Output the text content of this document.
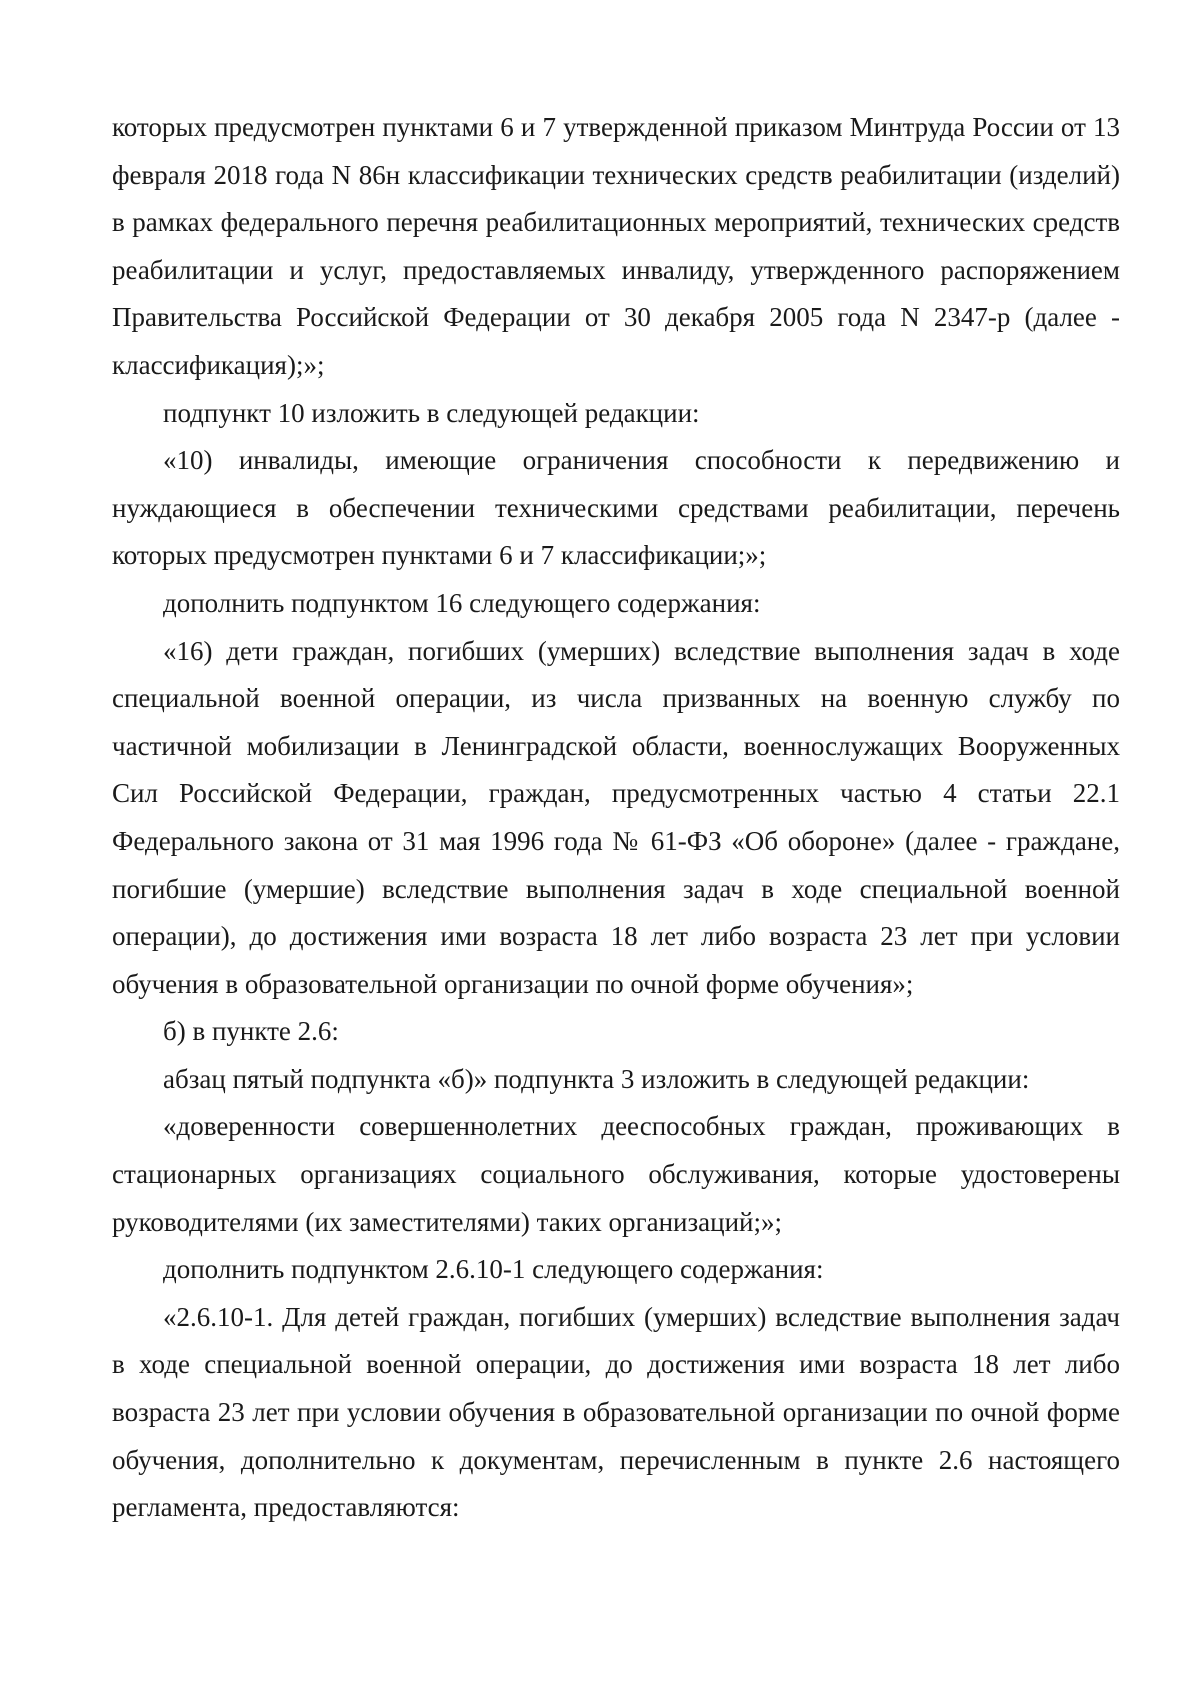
которых предусмотрен пунктами 6 и 7 утвержденной приказом Минтруда России от 13 февраля 2018 года N 86н классификации технических средств реабилитации (изделий) в рамках федерального перечня реабилитационных мероприятий, технических средств реабилитации и услуг, предоставляемых инвалиду, утвержденного распоряжением Правительства Российской Федерации от 30 декабря 2005 года N 2347-р (далее - классификация);»;

подпункт 10 изложить в следующей редакции:

«10) инвалиды, имеющие ограничения способности к передвижению и нуждающиеся в обеспечении техническими средствами реабилитации, перечень которых предусмотрен пунктами 6 и 7 классификации;»;

дополнить подпунктом 16 следующего содержания:

«16) дети граждан, погибших (умерших) вследствие выполнения задач в ходе специальной военной операции, из числа призванных на военную службу по частичной мобилизации в Ленинградской области, военнослужащих Вооруженных Сил Российской Федерации, граждан, предусмотренных частью 4 статьи 22.1 Федерального закона от 31 мая 1996 года № 61-ФЗ «Об обороне» (далее - граждане, погибшие (умершие) вследствие выполнения задач в ходе специальной военной операции), до достижения ими возраста 18 лет либо возраста 23 лет при условии обучения в образовательной организации по очной форме обучения»;

б) в пункте 2.6:

абзац пятый подпункта «б)» подпункта 3 изложить в следующей редакции:

«доверенности совершеннолетних дееспособных граждан, проживающих в стационарных организациях социального обслуживания, которые удостоверены руководителями (их заместителями) таких организаций;»;

дополнить подпунктом 2.6.10-1 следующего содержания:

«2.6.10-1. Для детей граждан, погибших (умерших) вследствие выполнения задач в ходе специальной военной операции, до достижения ими возраста 18 лет либо возраста 23 лет при условии обучения в образовательной организации по очной форме обучения, дополнительно к документам, перечисленным в пункте 2.6 настоящего регламента, предоставляются:
